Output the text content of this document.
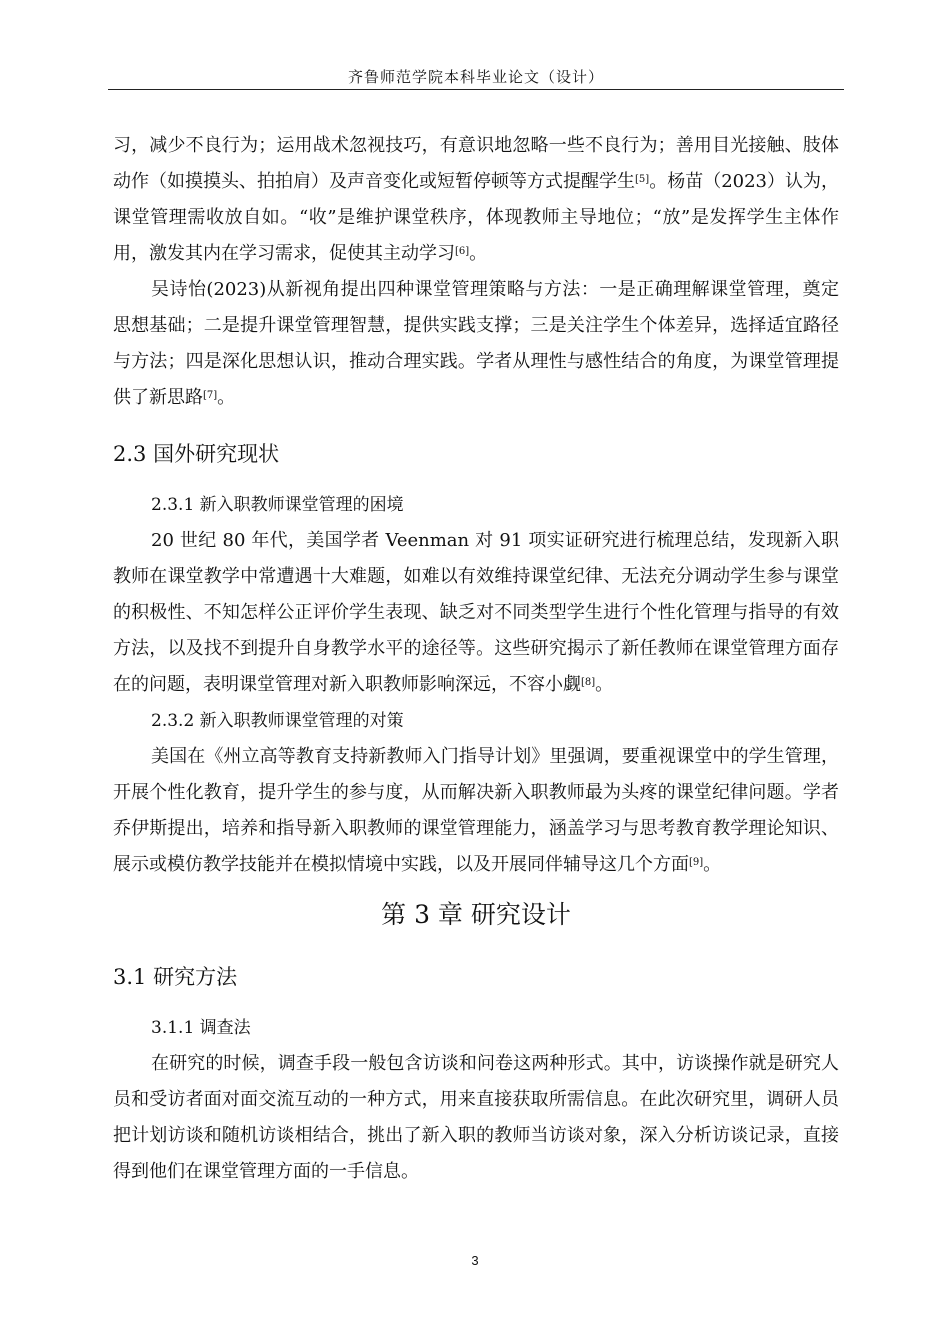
齐鲁师范学院本科毕业论文（设计）

习，减少不良行为；运用战术忽视技巧，有意识地忽略一些不良行为；善用目光接触、肢体动作（如摸摸头、拍拍肩）及声音变化或短暂停顿等方式提醒学生[5]。杨苗（2023）认为，课堂管理需收放自如。“收”是维护课堂秩序，体现教师主导地位；“放”是发挥学生主体作用，激发其内在学习需求，促使其主动学习[6]。

吴诗怡(2023)从新视角提出四种课堂管理策略与方法：一是正确理解课堂管理，奠定思想基础；二是提升课堂管理智慧，提供实践支撑；三是关注学生个体差异，选择适宜路径与方法；四是深化思想认识，推动合理实践。学者从理性与感性结合的角度，为课堂管理提供了新思路[7]。

2.3 国外研究现状
2.3.1 新入职教师课堂管理的困境

20 世纪 80 年代，美国学者 Veenman 对 91 项实证研究进行梳理总结，发现新入职教师在课堂教学中常遭遇十大难题，如难以有效维持课堂纪律、无法充分调动学生参与课堂的积极性、不知怎样公正评价学生表现、缺乏对不同类型学生进行个性化管理与指导的有效方法，以及找不到提升自身教学水平的途径等。这些研究揭示了新任教师在课堂管理方面存在的问题，表明课堂管理对新入职教师影响深远，不容小觑[8]。

2.3.2 新入职教师课堂管理的对策

美国在《州立高等教育支持新教师入门指导计划》里强调，要重视课堂中的学生管理，开展个性化教育，提升学生的参与度，从而解决新入职教师最为头疼的课堂纪律问题。学者乔伊斯提出，培养和指导新入职教师的课堂管理能力，涵盖学习与思考教育教学理论知识、展示或模仿教学技能并在模拟情境中实践，以及开展同伴辅导这几个方面[9]。

第 3 章 研究设计
3.1 研究方法
3.1.1 调查法

在研究的时候，调查手段一般包含访谈和问卷这两种形式。其中，访谈操作就是研究人员和受访者面对面交流互动的一种方式，用来直接获取所需信息。在此次研究里，调研人员把计划访谈和随机访谈相结合，挑出了新入职的教师当访谈对象，深入分析访谈记录，直接得到他们在课堂管理方面的一手信息。

3
